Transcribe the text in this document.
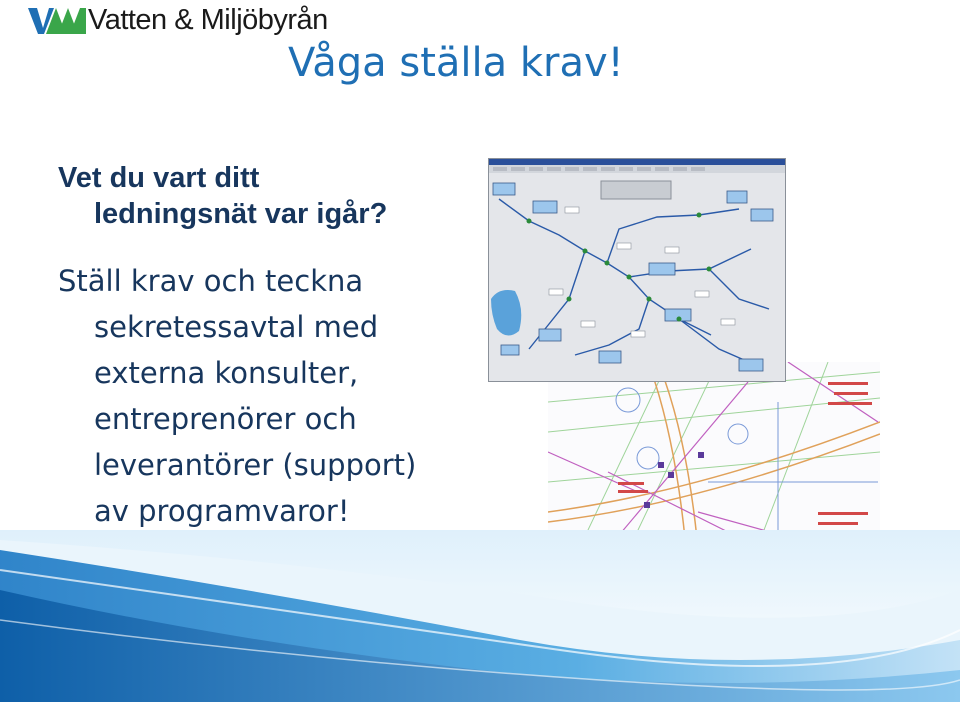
Vatten & Miljöbyrån
Våga ställa krav!
Vet du vart ditt
ledningsnät var igår?
Ställ krav och teckna
sekretessavtal med
externa konsulter,
entreprenörer och
leverantörer (support)
av programvaror!
